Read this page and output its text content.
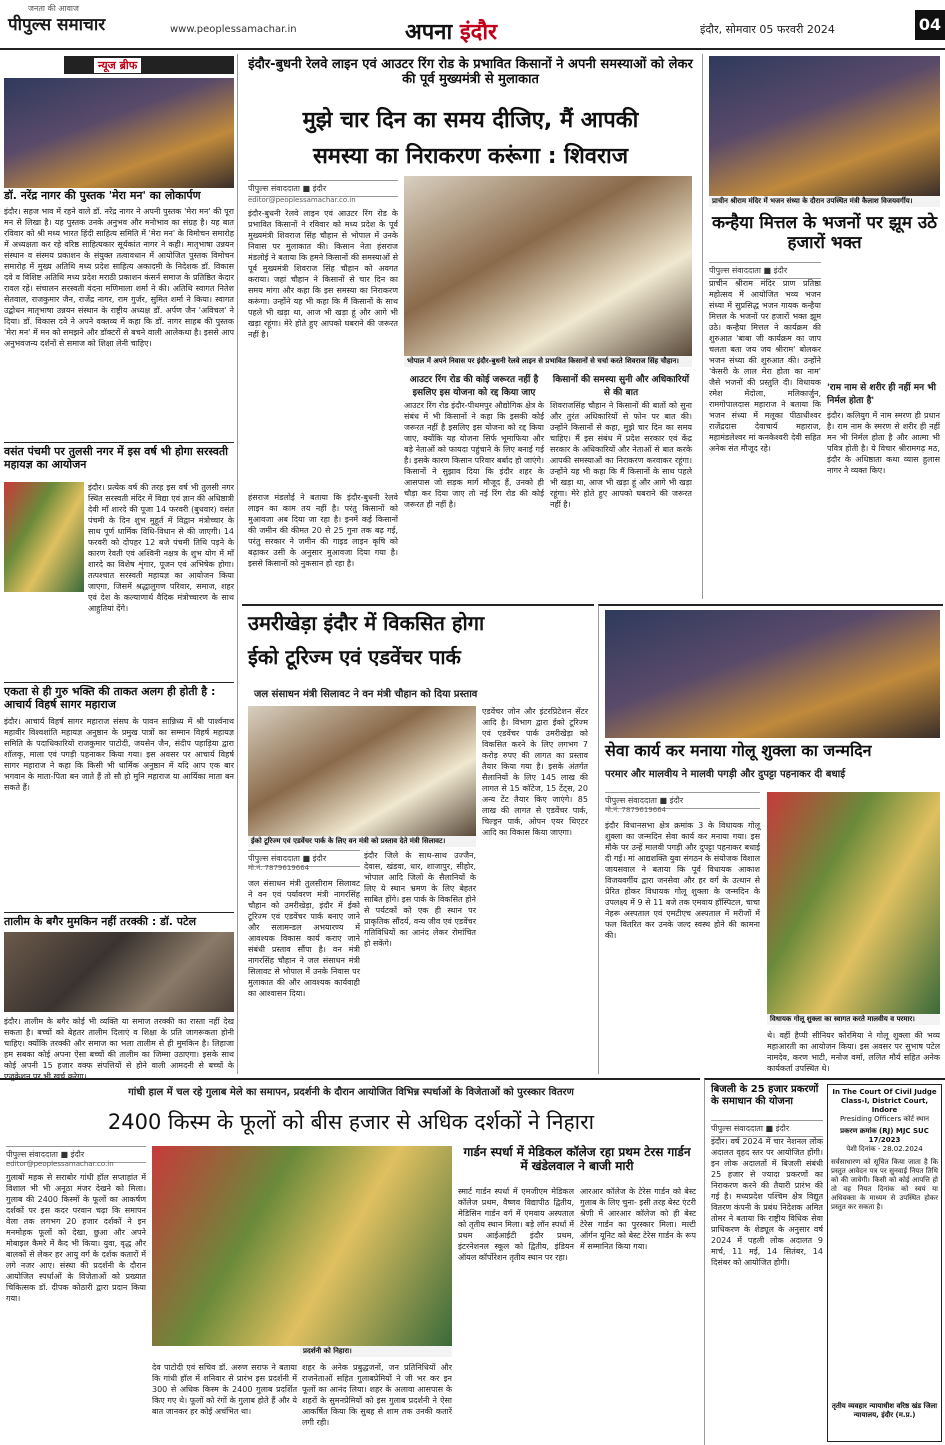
जनता की आवाज
पीपुल्स समाचार	www.peoplessamachar.in	अपना इंदौर	इंदौर, सोमवार 05 फरवरी 2024	04
न्यूज ब्रीफ
डॉ. नरेंद्र नागर की पुस्तक 'मेरा मन' का लोकार्पण
इंदौर। सहज भाव में रहने वाले डॉ. नरेंद्र नागर ने अपनी पुस्तक 'मेरा मन' की पूरा मन से लिखा है। यह पुस्तक उनके अनुभव और मनोभाव का संग्रह है। यह बात रविवार को श्री मध्य भारत हिंदी साहित्य समिति में 'मेरा मन' के विमोचन समारोह में अध्यक्षता कर रहे वरिष्ठ साहित्यकार सूर्यकांत नागर ने कही। मातृभाषा उन्नयन संस्थान व संस्मय प्रकाशन के संयुक्त तत्वावधान में आयोजित पुस्तक विमोचन समारोह में मुख्य अतिथि मध्य प्रदेश साहित्य अकादमी के निदेशक डॉ. विकास दवे व विशिष्ट अतिथि मध्य प्रदेश मराठी प्रकाशन कंसर्न समाज के प्रतिष्ठित केदार रावल रहे। संचालन सरस्वती वंदना मणिमाला शर्मा ने की। अतिथि स्वागत नितेश सेतवाल, राजकुमार जैन, राजेंद्र नागर, राम गुर्जर, सुमित शर्मा ने किया। स्वागत उद्बोधन मातृभाषा उन्नयन संस्थान के राष्ट्रीय अध्यक्ष डॉ. अर्पण जैन 'अविचल' ने दिया। डॉ. विकास दवे ने अपने वक्तव्य में कहा कि डॉ. नागर साहब की पुस्तक 'मेरा मन' में मन को समझने और डॉक्टरों से बचने वाली आलेकथा है। इससे आप अनुभवजन्य दर्शनों से समाज को शिक्षा लेनी चाहिए।
वसंत पंचमी पर तुलसी नगर में इस वर्ष भी होगा सरस्वती महायज्ञ का आयोजन
इंदौर। प्रत्येक वर्ष की तरह इस वर्ष भी तुलसी नगर स्थित सरस्वती मंदिर में विद्या एवं ज्ञान की अधिष्ठात्री देवी माँ शारदे की पूजा 14 फरवरी (बुधवार) वसंत पंचमी के दिन शुभ मुहूर्त में विद्वान मंत्रोच्चार के साथ पूर्ण धार्मिक विधि-विधान से की जाएगी। 14 फरवरी को दोपहर 12 बजे पंचमी तिथि पड़ने के कारण रेवती एवं अश्विनी नक्षत्र के शुभ योग में माँ शारदे का विशेष शृंगार, पूजन एवं अभिषेक होगा। तत्पश्चात सरस्वती महायज्ञ का आयोजन किया जाएगा, जिसमें श्रद्धालुगण परिवार, समाज, शहर एवं देश के कल्याणार्थ वैदिक मंत्रोच्चारण के साथ आहुतियां देंगे।
एकता से ही गुरु भक्ति की ताकत अलग ही होती है : आचार्य विहर्ष सागर महाराज
इंदौर। आचार्य विहर्ष सागर महाराज संसघ के पावन सान्निध्य में श्री पार्श्वनाथ महावीर विश्वशांति महायज्ञ अनुष्ठान के प्रमुख पात्रों का सम्मान विहर्ष महायज्ञ समिति के पदाधिकारियों राजकुमार पाटोदी, जयसेन जैन, संदीप पहाड़िया द्वारा शॉलकृ, माला एवं पगड़ी पहनाकर किया गया। इस अवसर पर आचार्य विहर्ष सागर महाराज ने कहा कि किसी भी धार्मिक अनुष्ठान में यदि आप एक बार भगवान के माता-पिता बन जाते हैं तो सौ हो मुनि महाराज या आर्यिका माता बन सकते हैं।
तालीम के बगैर मुमकिन नहीं तरक्की : डॉ. पटेल
इंदौर। तालीम के बगैर कोई भी व्यक्ति या समाज तरक्की का रास्ता नहीं देख सकता है। बच्चों को बेहतर तालीम दिलाएं व शिक्षा के प्रति जागरूकता होनी चाहिए। क्योंकि तरक्की और समाज का भला तालीम से ही मुमकिन है। लिहाजा हम सबका कोई अपना ऐसा बच्चों की तालीम का जिम्मा उठाएगा। इसके साथ कोई अपनी 15 हजार वक्फ संपत्तियों से होने वाली आमदनी से बच्चों के एजुकेशन पर भी खर्च करेगा।
इंदौर-बुधनी रेलवे लाइन एवं आउटर रिंग रोड के प्रभावित किसानों ने अपनी समस्याओं को लेकर की पूर्व मुख्यमंत्री से मुलाकात
मुझे चार दिन का समय दीजिए, मैं आपकी
समस्या का निराकरण करूंगा : शिवराज
पीपुल्स संवाददाता ■ इंदौर
editor@peoplessamachar.co.in
इंदौर-बुधनी रेलवे लाइन एवं आउटर रिंग रोड के प्रभावित किसानों ने रविवार को मध्य प्रदेश के पूर्व मुख्यमंत्री शिवराज सिंह चौहान से भोपाल में उनके निवास पर मुलाकात की। किसान नेता हंसराज मंडलोई ने बताया कि हमने किसानों की समस्याओं से पूर्व मुख्यमंत्री शिवराज सिंह चौहान को अवगत कराया। जहां चौहान ने किसानों से चार दिन का समय मांगा और कहा कि इस समस्या का निराकरण करूंगा। उन्होंने यह भी कहा कि मैं किसानों के साथ पहले भी खड़ा था, आज भी खड़ा हूं और आगे भी खड़ा रहूंगा। मेरे होते हुए आपको घबराने की जरूरत नहीं है।
भोपाल में अपने निवास पर इंदौर-बुधनी रेलवे लाइन से प्रभावित किसानों से चर्चा करते शिवराज सिंह चौहान।
हंसराज मंडलोई ने बताया कि इंदौर-बुधनी रेलवे लाइन का काम तय नहीं है। परंतु किसानों को मुआवजा अब दिया जा रहा है। इनमें कई किसानों की जमीन की कीमत 20 से 25 गुना तक बढ़ गई, परंतु सरकार ने जमीन की गाइड लाइन कृषि को बढ़ाकर उसी के अनुसार मुआवजा दिया गया है। इससे किसानों को नुकसान हो रहा है।
आउटर रिंग रोड की कोई जरूरत नहीं है इसलिए इस योजना को रद्द किया जाए
आउटर रिंग रोड इंदौर-पीथमपुर औद्योगिक क्षेत्र के संबंध में भी किसानों ने कहा कि इसकी कोई जरूरत नहीं है इसलिए इस योजना को रद्द किया जाए, क्योंकि यह योजना सिर्फ भूमाफिया और बड़े नेताओं को फायदा पहुंचाने के लिए बनाई गई है। इसके कारण किसान परिवार बर्बाद हो जाएंगे। किसानों ने सुझाव दिया कि इंदौर शहर के आसपास जो सड़क मार्ग मौजूद हैं, उनको ही चौड़ा कर दिया जाए तो नई रिंग रोड की कोई जरूरत ही नहीं है।
किसानों की समस्या सुनी और अधिकारियों से की बात
शिवराजसिंह चौहान ने किसानों की बातों को सुना और तुरंत अधिकारियों से फोन पर बात की। उन्होंने किसानों से कहा, मुझे चार दिन का समय चाहिए। मैं इस संबंध में प्रदेश सरकार एवं केंद्र सरकार के अधिकारियों और नेताओं से बात करके आपकी समस्याओं का निराकरण करवाकर रहूंगा। उन्होंने यह भी कहा कि मैं किसानों के साथ पहले भी खड़ा था, आज भी खड़ा हूं और आगे भी खड़ा रहूंगा। मेरे होते हुए आपको घबराने की जरूरत नहीं है।
प्राचीन श्रीराम मंदिर में भजन संध्या के दौरान उपस्थित मंत्री कैलाश विजयवर्गीय।
कन्हैया मित्तल के भजनों पर झूम उठे हजारों भक्त
पीपुल्स संवाददाता ■ इंदौर
प्राचीन श्रीराम मंदिर प्राण प्रतिष्ठा महोत्सव में आयोजित भव्य भजन संध्या में सुप्रसिद्ध भजन गायक कन्हैया मित्तल के भजनों पर हजारों भक्त झूम उठे। कन्हैया मित्तल ने कार्यक्रम की शुरुआत 'बाबा जी कार्यक्रम का जाप चलता बता जय जय श्रीराम' बोलकर भजन संध्या की शुरुआत की। उन्होंने 'केसरी के लाल मेरा होता का नाम' जैसे भजनों की प्रस्तुति दी। विधायक रमेश मेंदोला, मलिकार्जुन, रामगोपालदास महाराज ने बताया कि भजन संध्या में मलूका पीठाधीश्वर राजेंद्रदास देवाचार्य महाराज, महामंडलेश्वर मां कनकेश्वरी देवी सहित अनेक संत मौजूद रहे।
'राम नाम से शरीर ही नहीं मन भी निर्मल होता है'
इंदौर। कलियुग में नाम स्मरण ही प्रधान है। राम नाम के स्मरण से शरीर ही नहीं मन भी निर्मल होता है और आत्मा भी पवित्र होती है। ये विचार श्रीरामगढ़ मठ, इंदौर के अधिष्ठाता कथा व्यास हुलास नागर ने व्यक्त किए।
उमरीखेड़ा इंदौर में विकसित होगा
ईको टूरिज्म एवं एडवेंचर पार्क
जल संसाधन मंत्री सिलावट ने वन मंत्री चौहान को दिया प्रस्ताव
ईको टूरिज्म एवं एडवेंचर पार्क के लिए वन मंत्री को प्रस्ताव देते मंत्री सिलावट।
पीपुल्स संवाददाता ■ इंदौर
मो.नं. 7879619664
जल संसाधन मंत्री तुलसीराम सिलावट ने वन एवं पर्यावरण मंत्री नागरसिंह चौहान को उमरीखेड़ा, इंदौर में ईको टूरिज्म एवं एडवेंचर पार्क बनाए जाने और सलामन्डल अभयारण्य में आवश्यक विकास कार्य कराए जाने संबंधी प्रस्ताव सौंपा है। वन मंत्री नागरसिंह चौहान ने जल संसाधन मंत्री सिलावट से भोपाल में उनके निवास पर मुलाकात की और आवश्यक कार्यवाही का आश्वासन दिया।
इंदौर जिले के साथ-साथ उज्जैन, देवास, खंडवा, धार, शाजापुर, सीहोर, भोपाल आदि जिलों के सैलानियों के लिए ये स्थान भ्रमण के लिए बेहतर साबित होंगे। इस पार्क के विकसित होने से पर्यटकों को एक ही स्थान पर प्राकृतिक सौंदर्य, वन्य जीव एवं एडवेंचर गतिविधियों का आनंद लेकर रोमांचित हो सकेंगे।
एडवेंचर जोन और इंटरप्रिटेशन सेंटर आदि है। विभाग द्वारा ईको टूरिज्म एवं एडवेंचर पार्क उमरीखेड़ा को विकसित करने के लिए लगभग 7 करोड़ रुपए की लागत का प्रस्ताव तैयार किया गया है। इसके अंतर्गत सैलानियों के लिए 145 लाख की लागत से 15 कॉटेज, 15 टेंट्स, 20 अन्य टेंट तैयार किए जाएंगे। 85 लाख की लागत से एडवेंचर पार्क, चिल्ड्रन पार्क, ओपन एयर थिएटर आदि का विकास किया जाएगा।
सेवा कार्य कर मनाया गोलू शुक्ला का जन्मदिन
परमार और मालवीय ने मालवी पगड़ी और दुपट्टा पहनाकर दी बधाई
पीपुल्स संवाददाता ■ इंदौर
मो.नं. 7879619664
इंदौर विधानसभा क्षेत्र क्रमांक 3 के विधायक गोलू शुक्ला का जन्मदिन सेवा कार्य कर मनाया गया। इस मौके पर उन्हें मालवी पगड़ी और दुपट्टा पहनाकर बधाई दी गई। मां आद्यशक्ति युवा संगठन के संयोजक विशाल जायसवाल ने बताया कि पूर्व विधायक आकाश विजयवर्गीय द्वारा जनसेवा और हर वर्ग के उत्थान से प्रेरित होकर विधायक गोलू शुक्ला के जन्मदिन के उपलक्ष्य में 9 से 11 बजे तक एमवाय हॉस्पिटल, चाचा नेहरू अस्पताल एवं एमटीएच अस्पताल में मरीजों में फल वितरित कर उनके जल्द स्वस्थ होने की कामना की।
विधायक गोलू शुक्ला का स्वागत करते मालवीय व परमार।
थे। वहीं हैप्पी सीनियर कोरमिया ने गोलू शुक्ला की भव्य महाआरती का आयोजन किया। इस अवसर पर सुभाष पटेल नामदेव, करण भाटी, मनोज वर्मा, ललित मौर्य सहित अनेक कार्यकर्ता उपस्थित थे।
गांधी हाल में चल रहे गुलाब मेले का समापन, प्रदर्शनी के दौरान आयोजित विभिन्न स्पर्धाओं के विजेताओं को पुरस्कार वितरण
2400 किस्म के फूलों को बीस हजार से अधिक दर्शकों ने निहारा
पीपुल्स संवाददाता ■ इंदौर
editor@peoplessamachar.co.in
गुलाबों महक से सराबोर गांधी हॉल सप्ताहांत में विशाल भी भी अनूठा मंजर देखने को मिला। गुलाब की 2400 किस्मों के फूलों का आकर्षण दर्शकों पर इस कदर परवान चढ़ा कि समापन वेला तक लगभग 20 हजार दर्शकों ने इन मनमोहक फूलों को देखा, छुआ और अपने मोबाइल कैमरे में कैद भी किया। युवा, वृद्ध और बालकों से लेकर हर आयु वर्ग के दर्शक कतारों में लगे नजर आए। संस्था की प्रदर्शनी के दौरान आयोजित स्पर्धाओं के विजेताओं को प्रख्यात चिकित्सक डॉ. दीपक कोठारी द्वारा प्रदान किया गया।
प्रदर्शनी को निहारा।
देव पाटोदी एवं सचिव डॉ. अरुण सराफ ने बताया कि गांधी हॉल में शनिवार से प्रारंभ इस प्रदर्शनी में 300 से अधिक किस्म के 2400 गुलाब प्रदर्शित किए गए थे। फूलों को रंगों के गुलाब होते हैं और ये बात जानकर हर कोई अचंभित था।
शहर के अनेक प्रबुद्धजनों, जन प्रतिनिधियों और राजनेताओं सहित गुलाबप्रेमियों ने जी भर कर इन फूलों का आनंद लिया। शहर के अलावा आसपास के शहरों के सुमनप्रेमियों को इस गुलाब प्रदर्शनी ने ऐसा आकर्षित किया कि सुबह से शाम तक उनकी कतारें लगी रही।
गार्डन स्पर्धा में मेडिकल कॉलेज रहा प्रथम टेरस गार्डन में खंडेलवाल ने बाजी मारी
स्मार्ट गार्डन स्पर्धा में एमजीएम मेडिकल कॉलेज प्रथम, वैष्णव विद्यापीठ द्वितीय, मेडिसिन गार्डन वर्ग में एमवाय अस्पताल को तृतीय स्थान मिला। बड़े लॉन स्पर्धा में प्रथम आईआईटी इंदौर प्रथम, इंटरनेशनल स्कूल को द्वितीय, इंडियन ऑयल कॉर्पोरेशन तृतीय स्थान पर रहा।
आरआर कॉलेज के टेरेस गार्डन को बेस्ट गुलाब के लिए चुना- इसी तरह बेस्ट एंटरी श्रेणी में आरआर कॉलेज को ही बेस्ट टेरेस गार्डन का पुरस्कार मिला। मल्टी ऑर्गन यूनिट को बेस्ट टेरेस गार्डन के रूप में सम्मानित किया गया।
बिजली के 25 हजार प्रकरणों के समाधान की योजना
पीपुल्स संवाददाता ■ इंदौर
इंदौर। वर्ष 2024 में चार नेशनल लोक अदालत वृहद स्तर पर आयोजित होंगी। इन लोक अदालतों में बिजली संबंधी 25 हजार से ज्यादा प्रकरणों का निराकरण करने की तैयारी प्रारंभ की गई है। मध्यप्रदेश पश्चिम क्षेत्र विद्युत वितरण कंपनी के प्रबंध निदेशक अमित तोमर ने बताया कि राष्ट्रीय विधिक सेवा प्राधिकरण के शेड्यूल के अनुसार वर्ष 2024 में पहली लोक अदालत 9 मार्च, 11 मई, 14 सितंबर, 14 दिसंबर को आयोजित होगी।
In The Court Of Civil Judge Class-I, District Court, Indore
Presiding Officers कोर्ट स्थान
प्रकरण क्रमांक (RJ) MJC SUC 17/2023
पेशी दिनांक - 28.02.2024
सर्वसाधारण को सूचित किया जाता है कि प्रस्तुत आवेदन पत्र पर सुनवाई नियत तिथि को की जावेगी। किसी को कोई आपत्ति हो तो वह नियत दिनांक को स्वयं या अधिवक्ता के माध्यम से उपस्थित होकर प्रस्तुत कर सकता है।
तृतीय व्यवहार न्यायाधीश वरिष्ठ खंड जिला न्यायालय, इंदौर (म.प्र.)
